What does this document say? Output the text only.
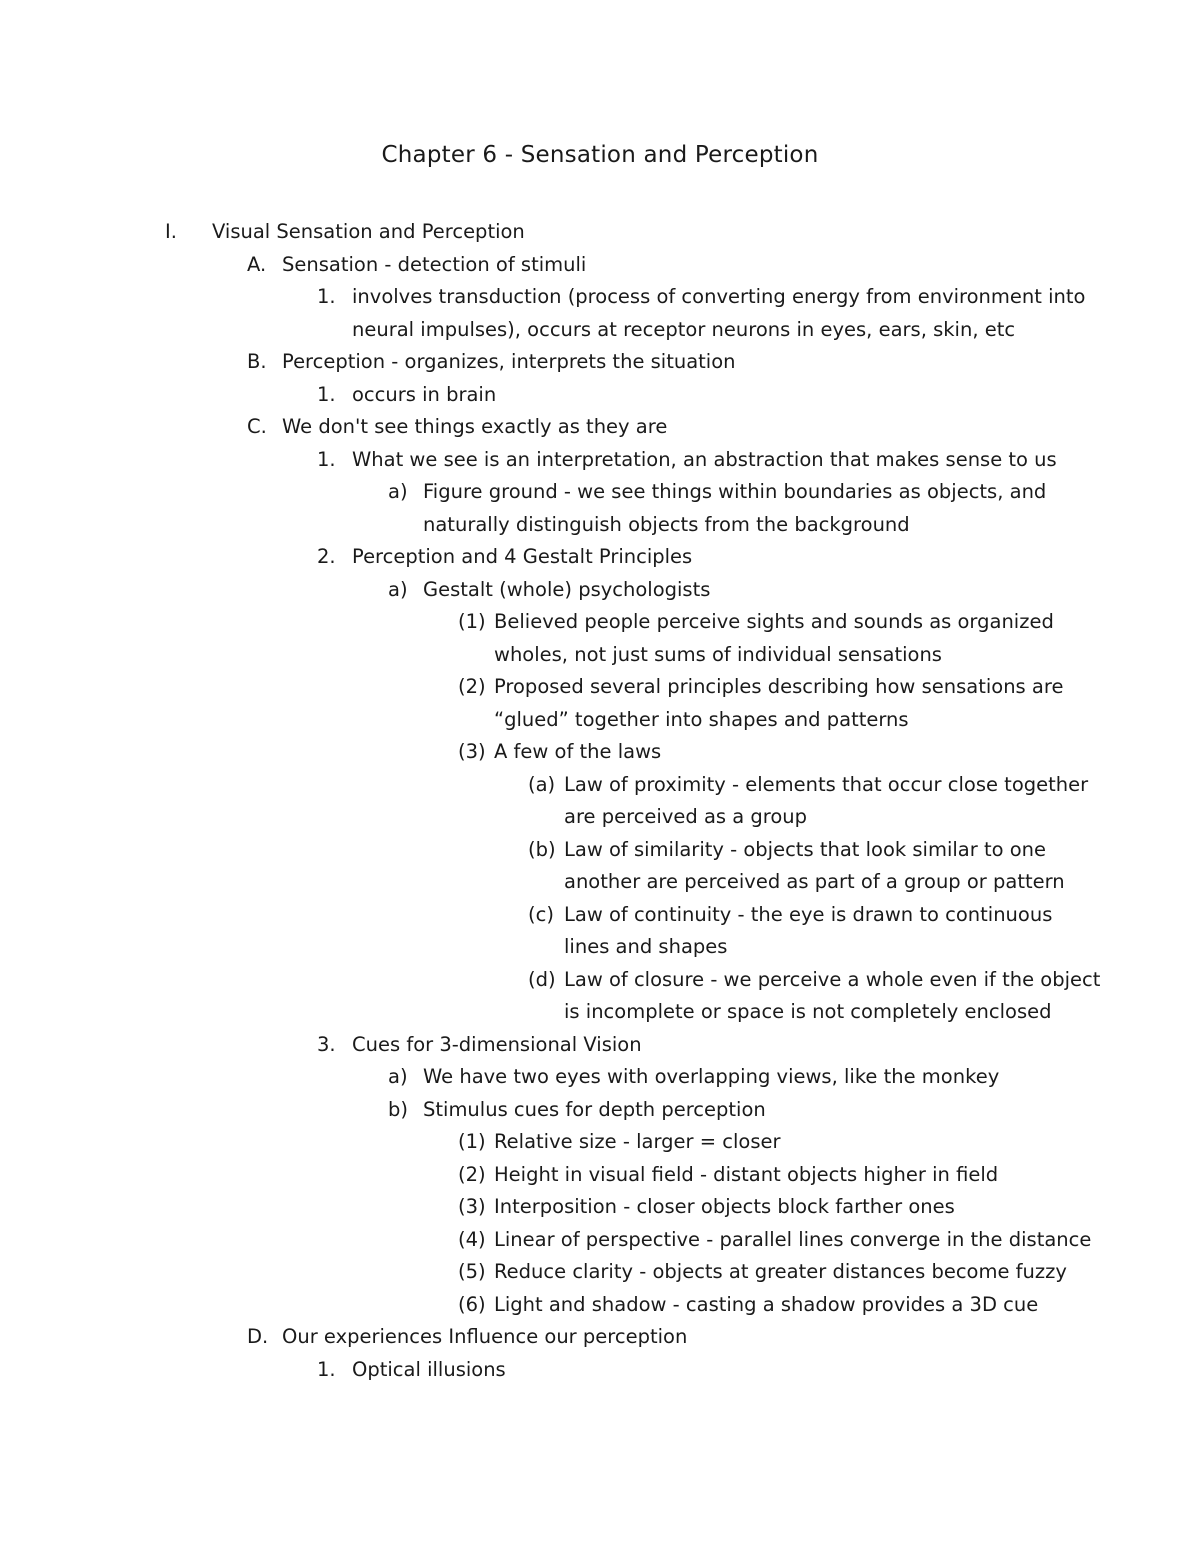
Chapter 6 - Sensation and Perception
I. Visual Sensation and Perception
A. Sensation - detection of stimuli
1. involves transduction (process of converting energy from environment into
neural impulses), occurs at receptor neurons in eyes, ears, skin, etc
B. Perception - organizes, interprets the situation
1. occurs in brain
C. We don't see things exactly as they are
1. What we see is an interpretation, an abstraction that makes sense to us
a) Figure ground - we see things within boundaries as objects, and
naturally distinguish objects from the background
2. Perception and 4 Gestalt Principles
a) Gestalt (whole) psychologists
(1) Believed people perceive sights and sounds as organized
wholes, not just sums of individual sensations
(2) Proposed several principles describing how sensations are
“glued” together into shapes and patterns
(3) A few of the laws
(a) Law of proximity - elements that occur close together
are perceived as a group
(b) Law of similarity - objects that look similar to one
another are perceived as part of a group or pattern
(c) Law of continuity - the eye is drawn to continuous
lines and shapes
(d) Law of closure - we perceive a whole even if the object
is incomplete or space is not completely enclosed
3. Cues for 3-dimensional Vision
a) We have two eyes with overlapping views, like the monkey
b) Stimulus cues for depth perception
(1) Relative size - larger = closer
(2) Height in visual field - distant objects higher in field
(3) Interposition - closer objects block farther ones
(4) Linear of perspective - parallel lines converge in the distance
(5) Reduce clarity - objects at greater distances become fuzzy
(6) Light and shadow - casting a shadow provides a 3D cue
D. Our experiences Influence our perception
1. Optical illusions
